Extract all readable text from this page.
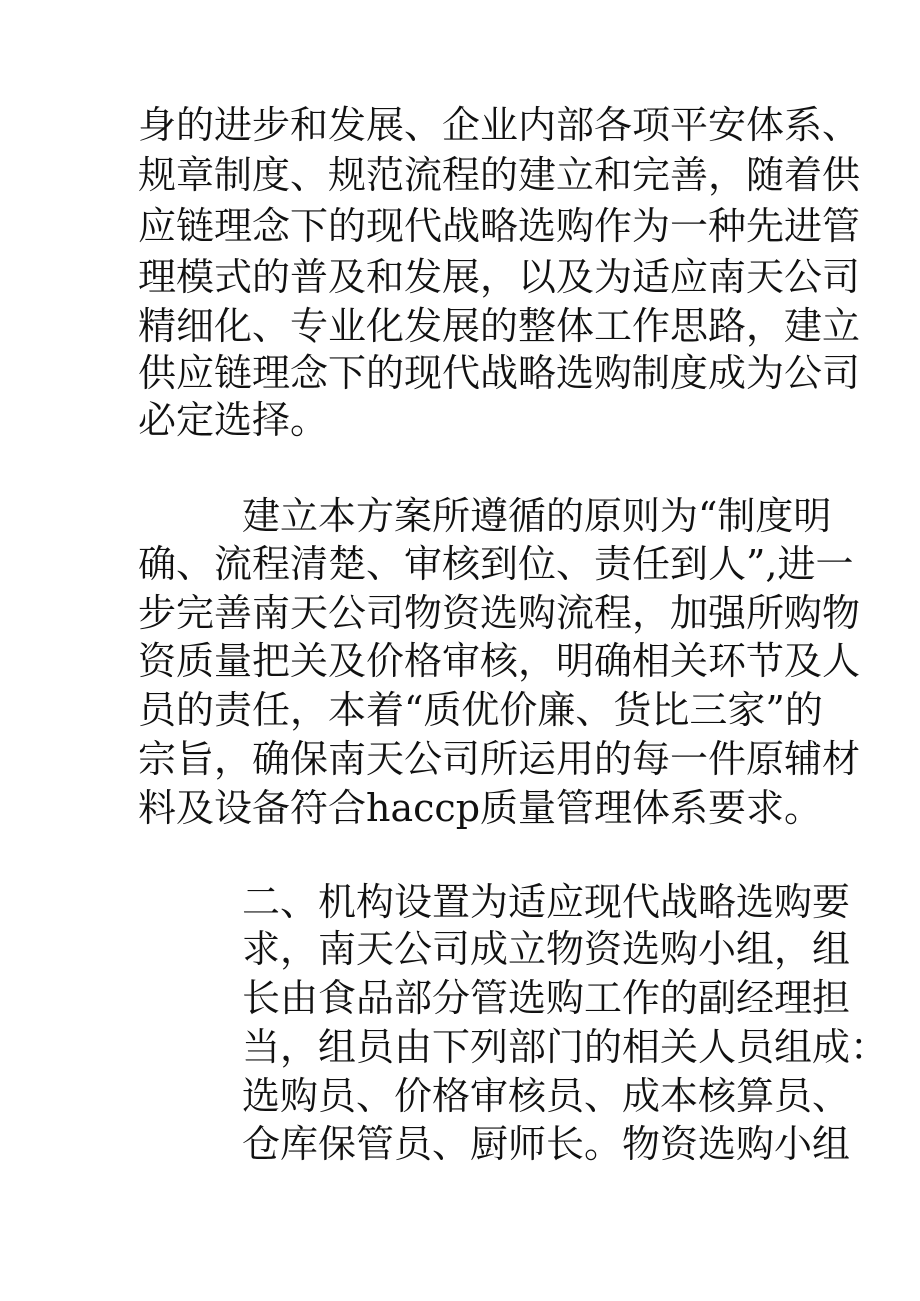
身的进步和发展、企业内部各项平安体系、
规章制度、规范流程的建立和完善，随着供
应链理念下的现代战略选购作为一种先进管
理模式的普及和发展，以及为适应南天公司
精细化、专业化发展的整体工作思路，建立
供应链理念下的现代战略选购制度成为公司
必定选择。
建立本方案所遵循的原则为“制度明
确、流程清楚、审核到位、责任到人”,进一
步完善南天公司物资选购流程，加强所购物
资质量把关及价格审核，明确相关环节及人
员的责任，本着“质优价廉、货比三家”的
宗旨，确保南天公司所运用的每一件原辅材
料及设备符合haccp质量管理体系要求。
二、机构设置为适应现代战略选购要
求，南天公司成立物资选购小组，组
长由食品部分管选购工作的副经理担
当，组员由下列部门的相关人员组成：
选购员、价格审核员、成本核算员、
仓库保管员、厨师长。物资选购小组
